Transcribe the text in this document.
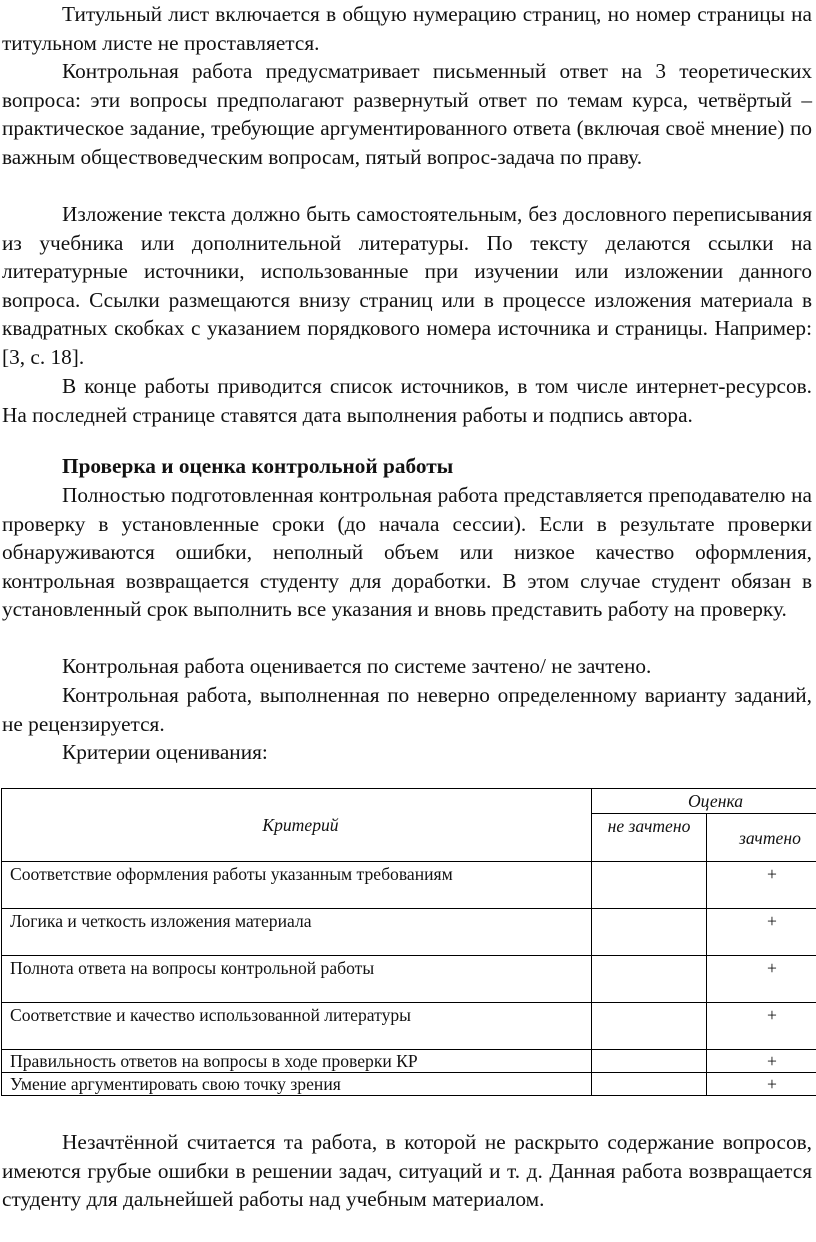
Титульный лист включается в общую нумерацию страниц, но номер страницы на титульном листе не проставляется.

Контрольная работа предусматривает письменный ответ на 3 теоретических вопроса: эти вопросы предполагают развернутый ответ по темам курса, четвёртый – практическое задание, требующие аргументированного ответа (включая своё мнение) по важным обществоведческим вопросам, пятый вопрос-задача по праву.

Изложение текста должно быть самостоятельным, без дословного переписывания из учебника или дополнительной литературы. По тексту делаются ссылки на литературные источники, использованные при изучении или изложении данного вопроса. Ссылки размещаются внизу страниц или в процессе изложения материала в квадратных скобках с указанием порядкового номера источника и страницы. Например: [3, с. 18].

В конце работы приводится список источников, в том числе интернет-ресурсов. На последней странице ставятся дата выполнения работы и подпись автора.

Проверка и оценка контрольной работы

Полностью подготовленная контрольная работа представляется преподавателю на проверку в установленные сроки (до начала сессии). Если в результате проверки обнаруживаются ошибки, неполный объем или низкое качество оформления, контрольная возвращается студенту для доработки. В этом случае студент обязан в установленный срок выполнить все указания и вновь представить работу на проверку.

Контрольная работа оценивается по системе зачтено/ не зачтено.

Контрольная работа, выполненная по неверно определенному варианту заданий, не рецензируется.

Критерии оценивания:

Критерий	Оценка	
	не зачтено	зачтено
Соответствие оформления работы указанным требованиям		+
Логика и четкость изложения материала		+
Полнота ответа на вопросы контрольной работы		+
Соответствие и качество использованной литературы		+
Правильность ответов на вопросы в ходе проверки КР		+
Умение аргументировать свою точку зрения		+

Незачтённой считается та работа, в которой не раскрыто содержание вопросов, имеются грубые ошибки в решении задач, ситуаций и т. д. Данная работа возвращается студенту для дальнейшей работы над учебным материалом.
